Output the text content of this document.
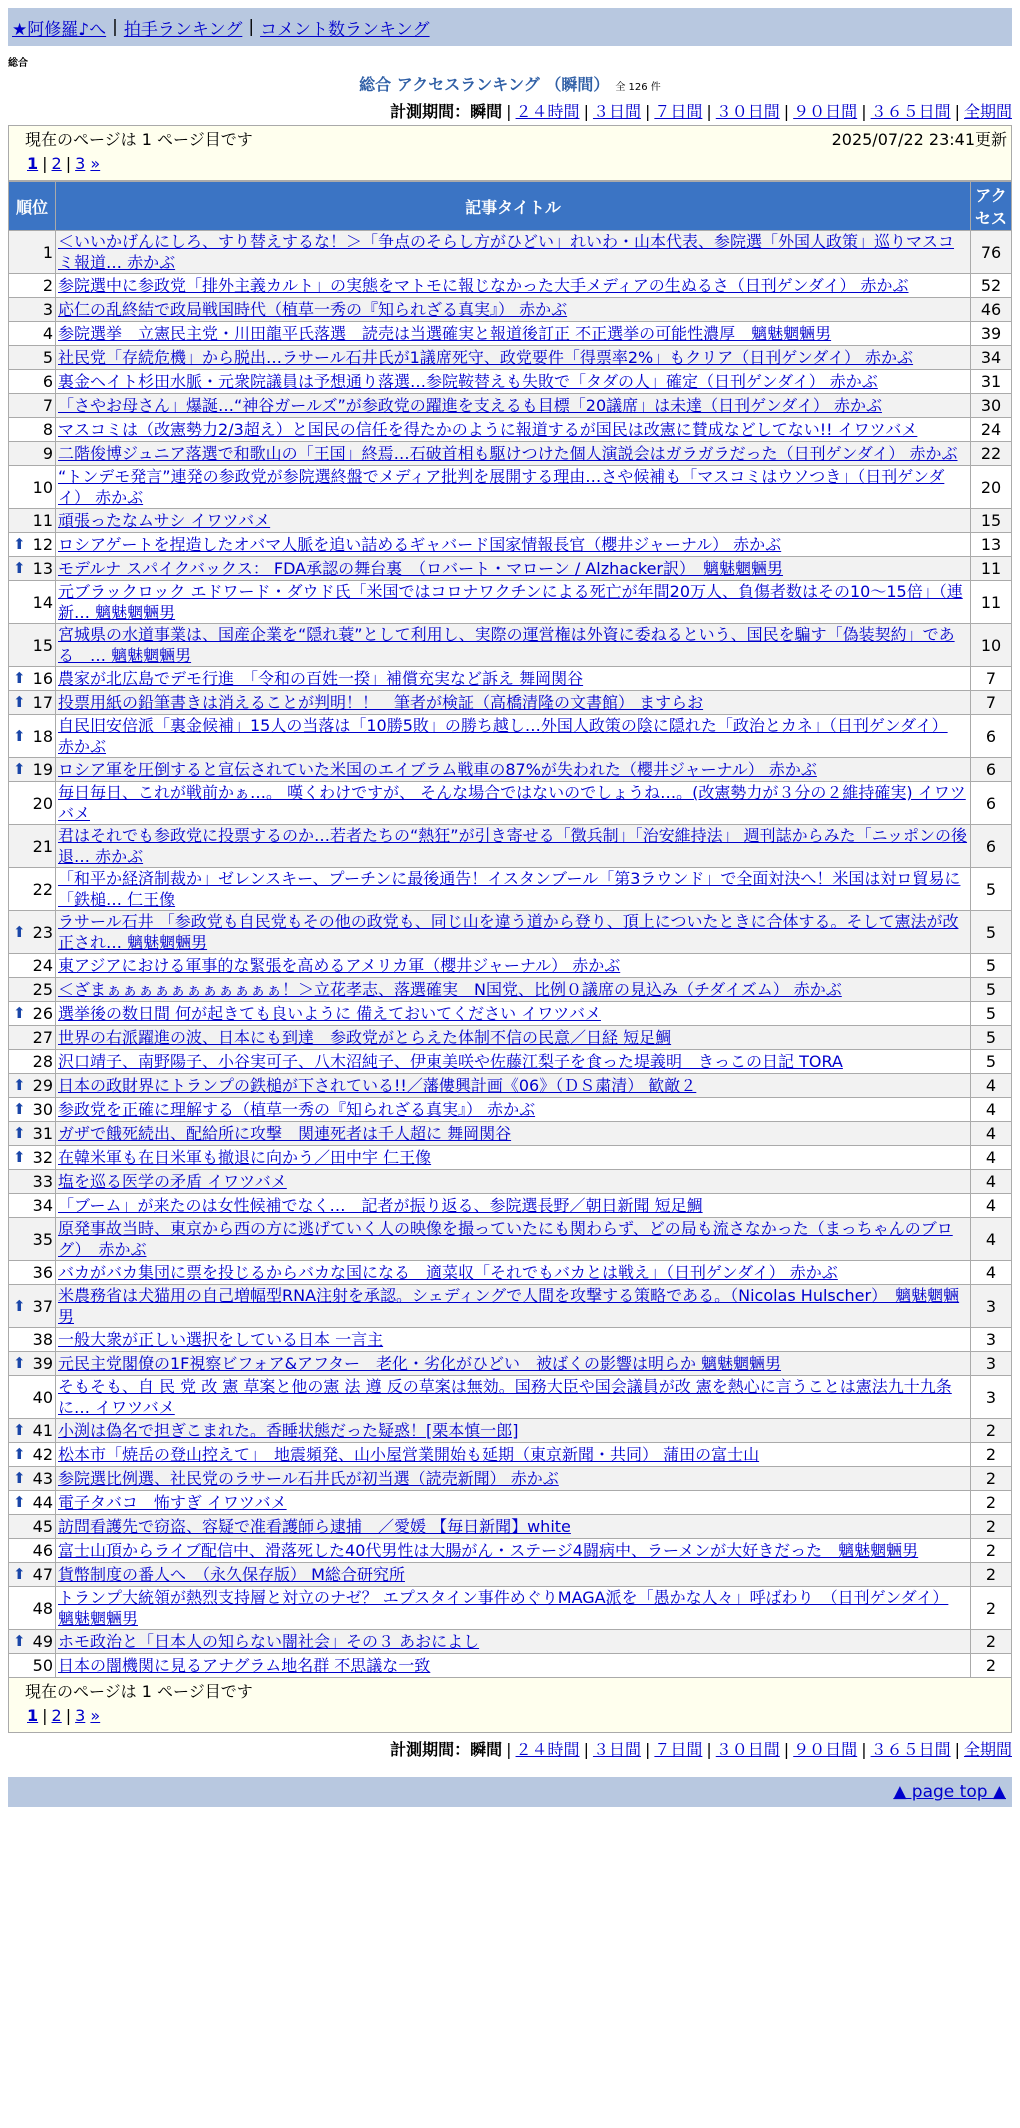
★阿修羅♪へ | 拍手ランキング | コメント数ランキング
総合
総合 アクセスランキング （瞬間） 全 126 件
計測期間：瞬間 | ２４時間 | ３日間 | ７日間 | ３０日間 | ９０日間 | ３６５日間 | 全期間
現在のページは 1 ページ目です	2025/07/22 23:41更新
1 | 2 | 3 »
順位	記事タイトル	アクセス
1	＜いいかげんにしろ、すり替えするな！＞「争点のそらし方がひどい」れいわ・山本代表、参院選「外国人政策」巡りマスコミ報道… 赤かぶ	76
2	参院選中に参政党「排外主義カルト」の実態をマトモに報じなかった大手メディアの生ぬるさ（日刊ゲンダイ） 赤かぶ	52
3	応仁の乱終結で政局戦国時代（植草一秀の『知られざる真実』） 赤かぶ	46
4	参院選挙　立憲民主党・川田龍平氏落選　読売は当選確実と報道後訂正 不正選挙の可能性濃厚　魑魅魍魎男	39
5	社民党「存続危機」から脱出…ラサール石井氏が1議席死守、政党要件「得票率2%」もクリア（日刊ゲンダイ） 赤かぶ	34
6	裏金ヘイト杉田水脈・元衆院議員は予想通り落選…参院鞍替えも失敗で「タダの人」確定（日刊ゲンダイ） 赤かぶ	31
7	「さやお母さん」爆誕…“神谷ガールズ”が参政党の躍進を支えるも目標「20議席」は未達（日刊ゲンダイ） 赤かぶ	30
8	マスコミは（改憲勢力2/3超え）と国民の信任を得たかのように報道するが国民は改憲に賛成などしてない!! イワツバメ	24
9	二階俊博ジュニア落選で和歌山の「王国」終焉…石破首相も駆けつけた個人演説会はガラガラだった（日刊ゲンダイ） 赤かぶ	22
10	“トンデモ発言”連発の参政党が参院選終盤でメディア批判を展開する理由…さや候補も「マスコミはウソつき」（日刊ゲンダイ） 赤かぶ	20
11	頑張ったなムサシ イワツバメ	15

⬆ 12	ロシアゲートを捏造したオバマ人脈を追い詰めるギャバード国家情報長官（櫻井ジャーナル） 赤かぶ	13

⬆ 13	モデルナ スパイクバックス： FDA承認の舞台裏　（ロバート・マローン / Alzhacker訳）　魑魅魍魎男	11
14	元ブラックロック エドワード・ダウド氏「米国ではコロナワクチンによる死亡が年間20万人、負傷者数はその10～15倍」（連新… 魑魅魍魎男	11
15	宮城県の水道事業は、国産企業を“隠れ蓑”として利用し、実際の運営権は外資に委ねるという、国民を騙す「偽装契約」である　… 魑魅魍魎男	10

⬆ 16	農家が北広島でデモ行進　「令和の百姓一揆」補償充実など訴え 舞岡関谷	7

⬆ 17	投票用紙の鉛筆書きは消えることが判明！！　筆者が検証（高橋清隆の文書館） ますらお	7

⬆ 18	自民旧安倍派「裏金候補」15人の当落は「10勝5敗」の勝ち越し…外国人政策の陰に隠れた「政治とカネ」（日刊ゲンダイ） 赤かぶ	6

⬆ 19	ロシア軍を圧倒すると宣伝されていた米国のエイブラム戦車の87%が失われた（櫻井ジャーナル） 赤かぶ	6
20	毎日毎日、これが戦前かぁ…。 嘆くわけですが、 そんな場合ではないのでしょうね…。(改憲勢力が３分の２維持確実) イワツバメ	6
21	君はそれでも参政党に投票するのか…若者たちの“熱狂”が引き寄せる「徴兵制」「治安維持法」 週刊誌からみた「ニッポンの後退… 赤かぶ	6
22	「和平か経済制裁か」ゼレンスキー、プーチンに最後通告！イスタンブール「第3ラウンド」で全面対決へ！米国は対ロ貿易に「鉄槌… 仁王像	5

⬆ 23	ラサール石井 「参政党も自民党もその他の政党も、同じ山を違う道から登り、頂上についたときに合体する。そして憲法が改正され… 魑魅魍魎男	5
24	東アジアにおける軍事的な緊張を高めるアメリカ軍（櫻井ジャーナル） 赤かぶ	5
25	＜ざまぁぁぁぁぁぁぁぁぁぁぁ！＞立花孝志、落選確実　N国党、比例０議席の見込み（チダイズム） 赤かぶ	5

⬆ 26	選挙後の数日間 何が起きても良いように 備えておいてください イワツバメ	5
27	世界の右派躍進の波、日本にも到達　参政党がとらえた体制不信の民意／日経 短足鯛	5
28	沢口靖子、南野陽子、小谷実可子、八木沼純子、伊東美咲や佐藤江梨子を食った堤義明　きっこの日記 TORA	5

⬆ 29	日本の政財界にトランプの鉄槌が下されている!!／藩僂興計画《06》（ＤＳ粛清） 歓敵２	4

⬆ 30	参政党を正確に理解する（植草一秀の『知られざる真実』） 赤かぶ	4

⬆ 31	ガザで餓死続出、配給所に攻撃　関連死者は千人超に 舞岡関谷	4

⬆ 32	在韓米軍も在日米軍も撤退に向かう／田中宇 仁王像	4
33	塩を巡る医学の矛盾 イワツバメ	4
34	「ブーム」が来たのは女性候補でなく…　記者が振り返る、参院選長野／朝日新聞 短足鯛	4
35	原発事故当時、東京から西の方に逃げていく人の映像を撮っていたにも関わらず、どの局も流さなかった（まっちゃんのブログ）　赤かぶ	4
36	バカがバカ集団に票を投じるからバカな国になる　適菜収「それでもバカとは戦え」（日刊ゲンダイ） 赤かぶ	4

⬆ 37	米農務省は犬猫用の自己増幅型RNA注射を承認。シェディングで人間を攻撃する策略である。（Nicolas Hulscher）　魑魅魍魎男	3
38	一般大衆が正しい選択をしている日本 一言主	3

⬆ 39	元民主党閣僚の1F視察ビフォア&アフター　老化・劣化がひどい　被ばくの影響は明らか 魑魅魍魎男	3
40	そもそも、自 民 党 改 憲 草案と他の憲 法 遵 反の草案は無効。国務大臣や国会議員が改 憲を熱心に言うことは憲法九十九条に… イワツバメ	3

⬆ 41	小渕は偽名で担ぎこまれた。香睡状態だった疑惑！[栗本慎一郎]	2

⬆ 42	松本市「焼岳の登山控えて」　地震頻発、山小屋営業開始も延期（東京新聞・共同） 蒲田の富士山	2

⬆ 43	参院選比例選、社民党のラサール石井氏が初当選（読売新聞） 赤かぶ	2

⬆ 44	電子タバコ　怖すぎ イワツバメ	2
45	訪問看護先で窃盗、容疑で准看護師ら逮捕　／愛媛 【毎日新聞】white	2
46	富士山頂からライブ配信中、滑落死した40代男性は大腸がん・ステージ4闘病中、ラーメンが大好きだった　魑魅魍魎男	2

⬆ 47	貨幣制度の番人へ　（永久保存版） M総合研究所	2
48	トランプ大統領が熱烈支持層と対立のナゼ？ エプスタイン事件めぐりMAGA派を「愚かな人々」呼ばわり　（日刊ゲンダイ） 魑魅魍魎男	2

⬆ 49	ホモ政治と「日本人の知らない闇社会」その３ あおによし	2
50	日本の闇機関に見るアナグラム地名群 不思議な一致	2
現在のページは 1 ページ目です
1 | 2 | 3 »
計測期間：瞬間 | ２４時間 | ３日間 | ７日間 | ３０日間 | ９０日間 | ３６５日間 | 全期間
▲ page top ▲
